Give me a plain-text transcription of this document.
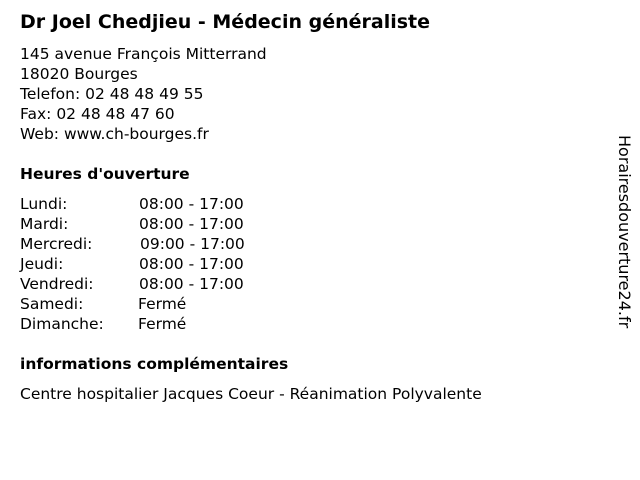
Dr Joel Chedjieu - Médecin généraliste
145 avenue François Mitterrand
18020 Bourges
Telefon: 02 48 48 49 55
Fax: 02 48 48 47 60
Web: www.ch-bourges.fr
Heures d'ouverture
Lundi:	08:00 - 17:00
Mardi:	08:00 - 17:00
Mercredi:	09:00 - 17:00
Jeudi:	08:00 - 17:00
Vendredi:	08:00 - 17:00
Samedi:	Fermé
Dimanche: Fermé
informations complémentaires
Centre hospitalier Jacques Coeur - Réanimation Polyvalente
Horairesdouverture24.fr
